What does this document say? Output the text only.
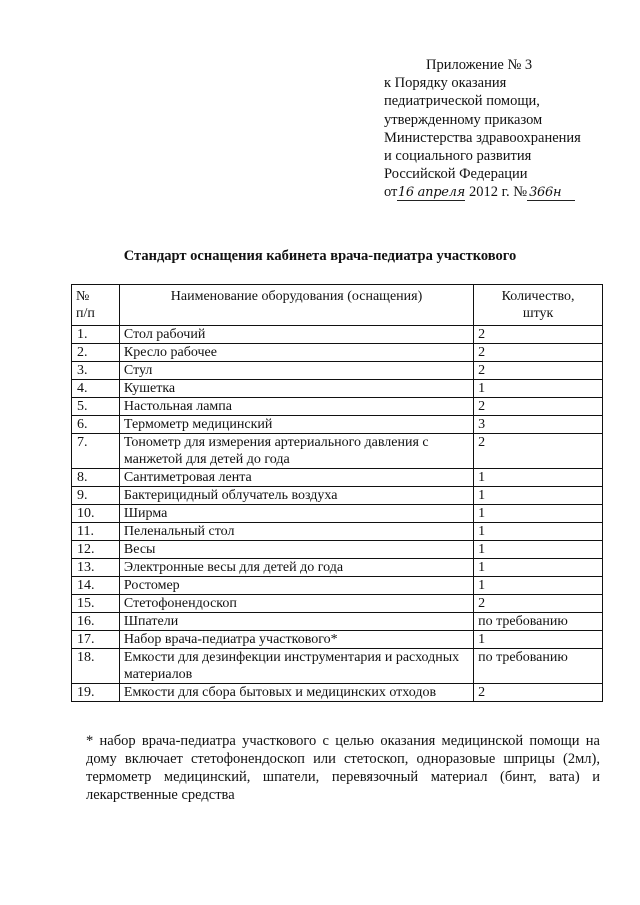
Приложение № 3
к Порядку оказания
педиатрической помощи,
утвержденному приказом
Министерства здравоохранения
и социального развития
Российской Федерации
от16 апреля 2012 г. № 366н
Стандарт оснащения кабинета врача-педиатра участкового
№
п/п	Наименование оборудования (оснащения)	Количество,
штук
1.	Стол рабочий	2
2.	Кресло рабочее	2
3.	Стул	2
4.	Кушетка	1
5.	Настольная лампа	2
6.	Термометр медицинский	3
7.	Тонометр для измерения артериального давления с манжетой для детей до года	2
8.	Сантиметровая лента	1
9.	Бактерицидный облучатель воздуха	1
10.	Ширма	1
11.	Пеленальный стол	1
12.	Весы	1
13.	Электронные весы для детей до года	1
14.	Ростомер	1
15.	Стетофонендоскоп	2
16.	Шпатели	по требованию
17.	Набор врача-педиатра участкового*	1
18.	Емкости для дезинфекции инструментария и расходных материалов	по требованию
19.	Емкости для сбора бытовых и медицинских отходов	2
* набор врача-педиатра участкового с целью оказания медицинской помощи на дому включает стетофонендоскоп или стетоскоп, одноразовые шприцы (2мл), термометр медицинский, шпатели, перевязочный материал (бинт, вата) и лекарственные средства
